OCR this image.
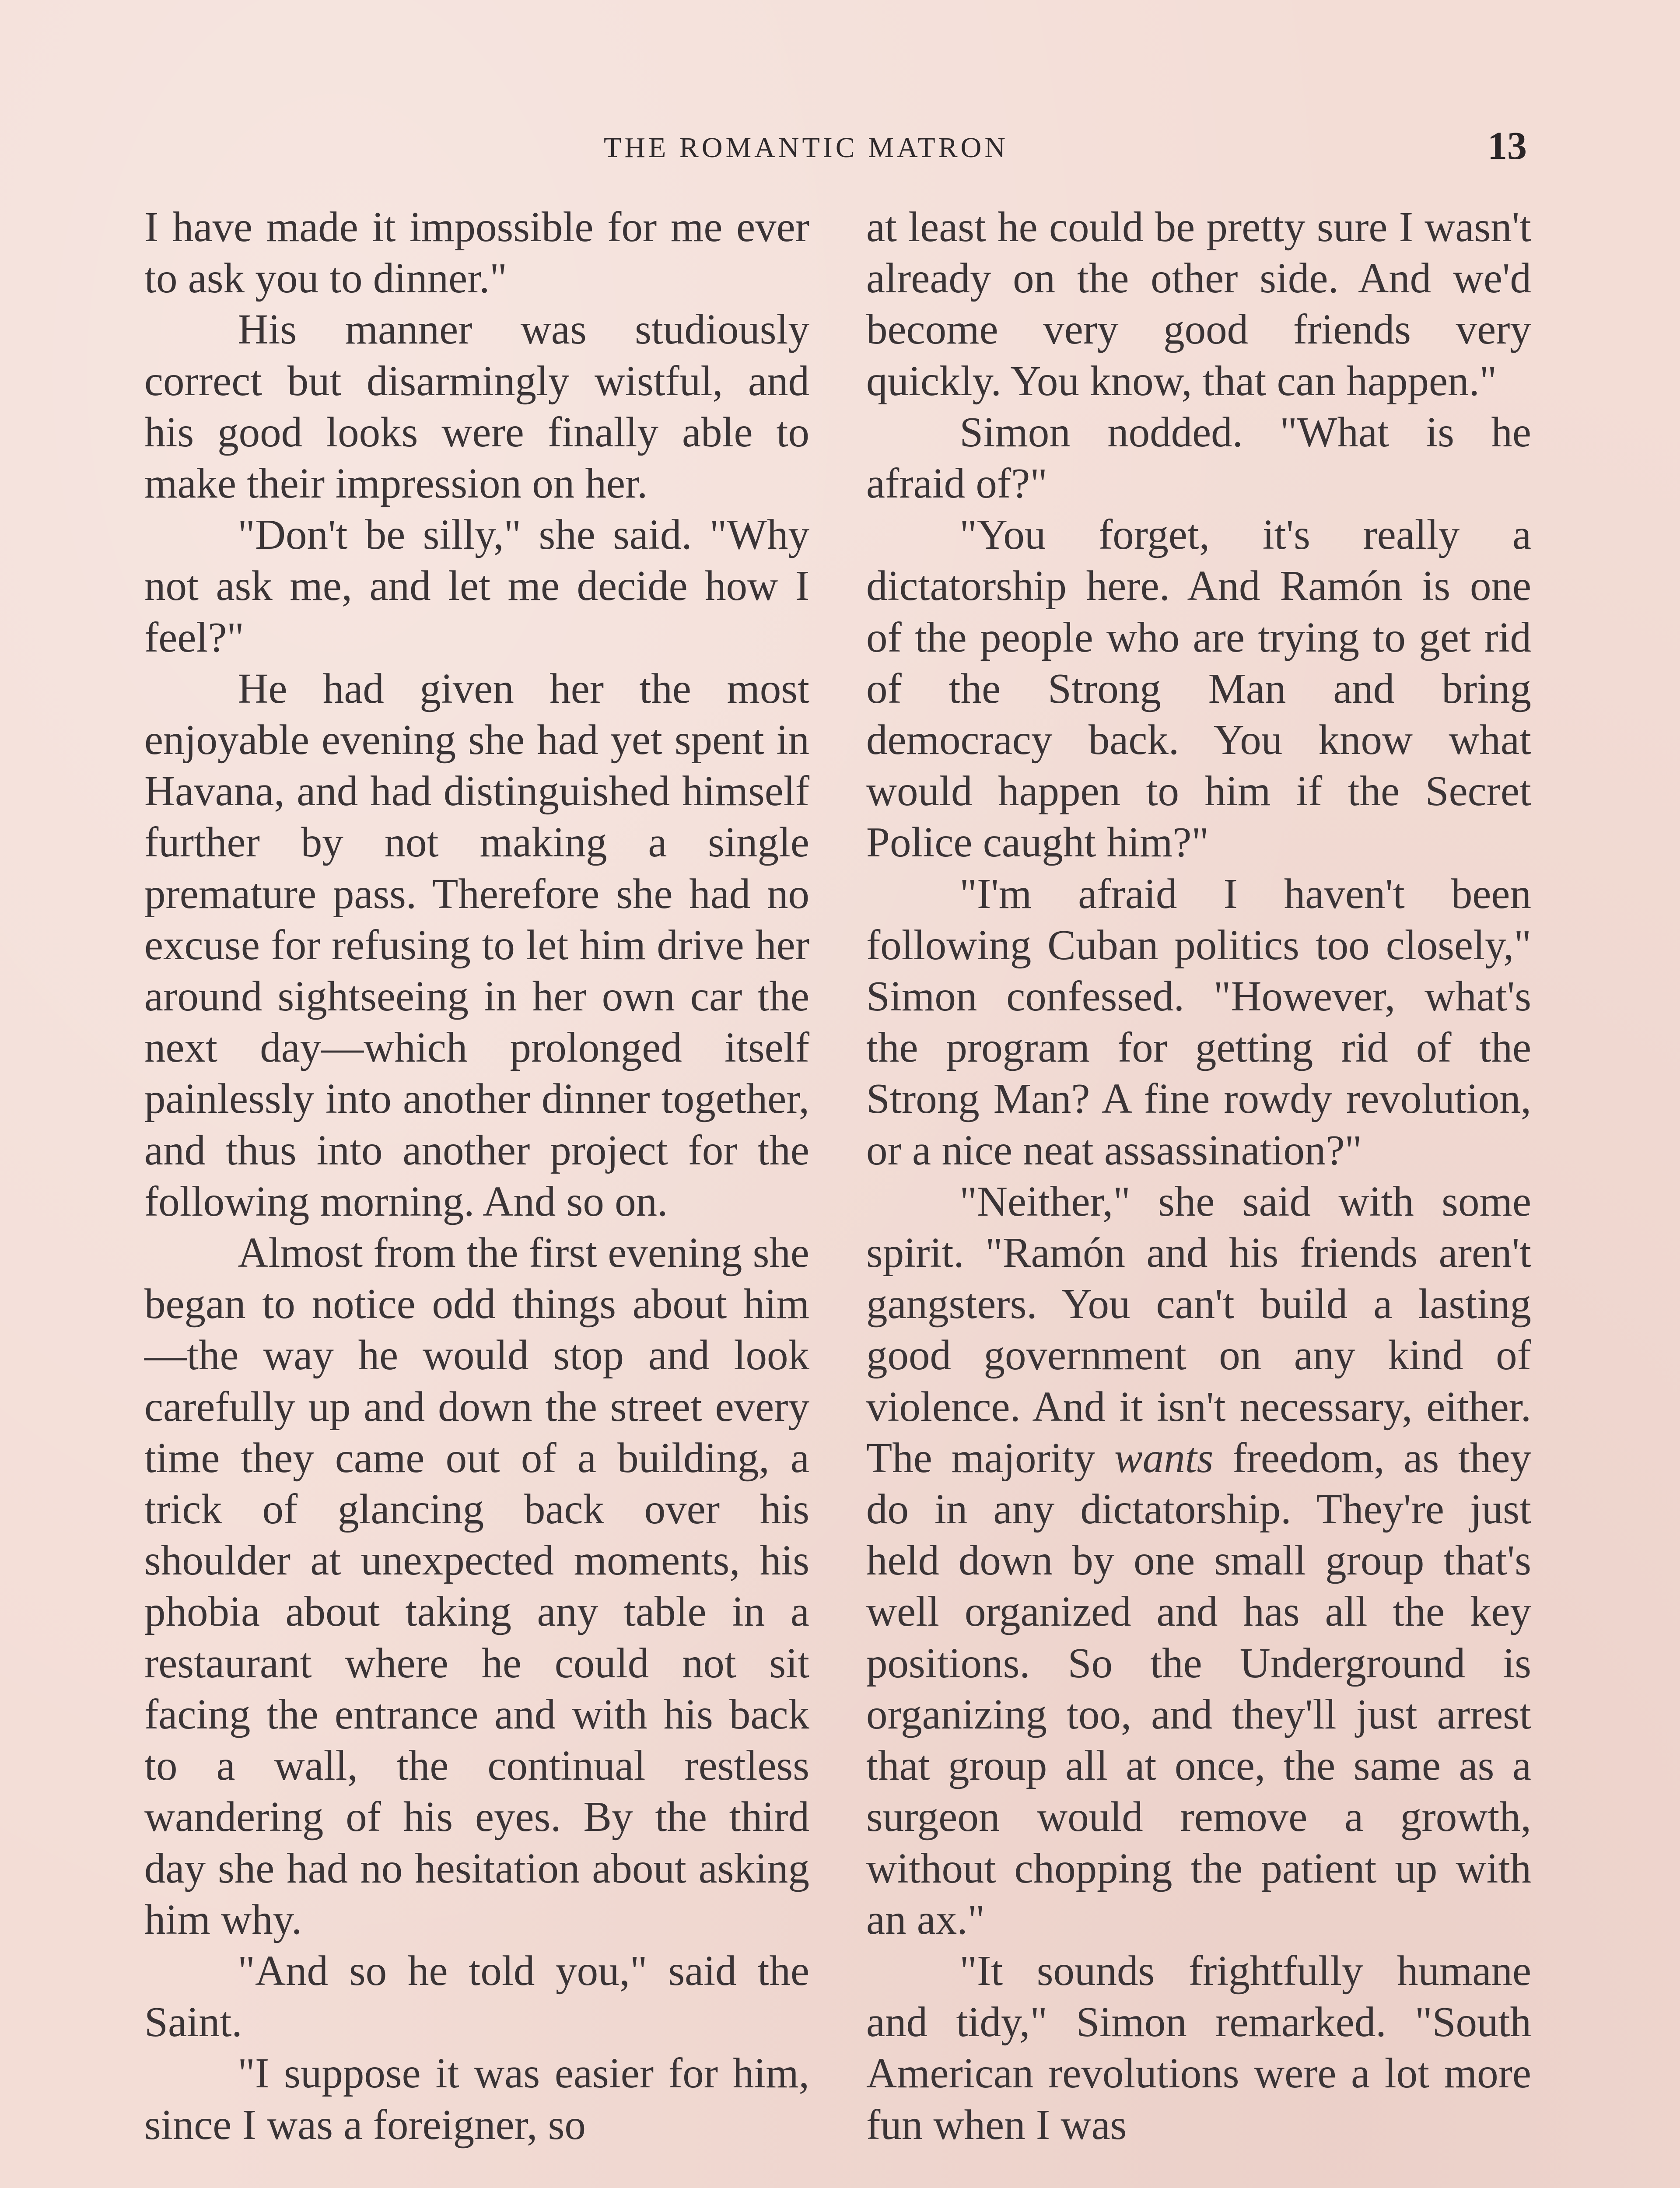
THE ROMANTIC MATRON	13

I have made it impossible for me ever to ask you to dinner."

His manner was studiously correct but disarmingly wistful, and his good looks were finally able to make their impression on her.

"Don't be silly," she said. "Why not ask me, and let me decide how I feel?"

He had given her the most enjoyable evening she had yet spent in Havana, and had distinguished himself further by not making a single premature pass. Therefore she had no excuse for refusing to let him drive her around sightseeing in her own car the next day—which prolonged itself painlessly into another dinner together, and thus into another project for the following morning. And so on.

Almost from the first evening she began to notice odd things about him—the way he would stop and look carefully up and down the street every time they came out of a building, a trick of glancing back over his shoulder at unexpected moments, his phobia about taking any table in a restaurant where he could not sit facing the entrance and with his back to a wall, the continual restless wandering of his eyes. By the third day she had no hesitation about asking him why.

"And so he told you," said the Saint.

"I suppose it was easier for him, since I was a foreigner, so

at least he could be pretty sure I wasn't already on the other side. And we'd become very good friends very quickly. You know, that can happen."

Simon nodded. "What is he afraid of?"

"You forget, it's really a dictatorship here. And Ramón is one of the people who are trying to get rid of the Strong Man and bring democracy back. You know what would happen to him if the Secret Police caught him?"

"I'm afraid I haven't been following Cuban politics too closely," Simon confessed. "However, what's the program for getting rid of the Strong Man? A fine rowdy revolution, or a nice neat assassination?"

"Neither," she said with some spirit. "Ramón and his friends aren't gangsters. You can't build a lasting good government on any kind of violence. And it isn't necessary, either. The majority wants freedom, as they do in any dictatorship. They're just held down by one small group that's well organized and has all the key positions. So the Underground is organizing too, and they'll just arrest that group all at once, the same as a surgeon would remove a growth, without chopping the patient up with an ax."

"It sounds frightfully humane and tidy," Simon remarked. "South American revolutions were a lot more fun when I was
